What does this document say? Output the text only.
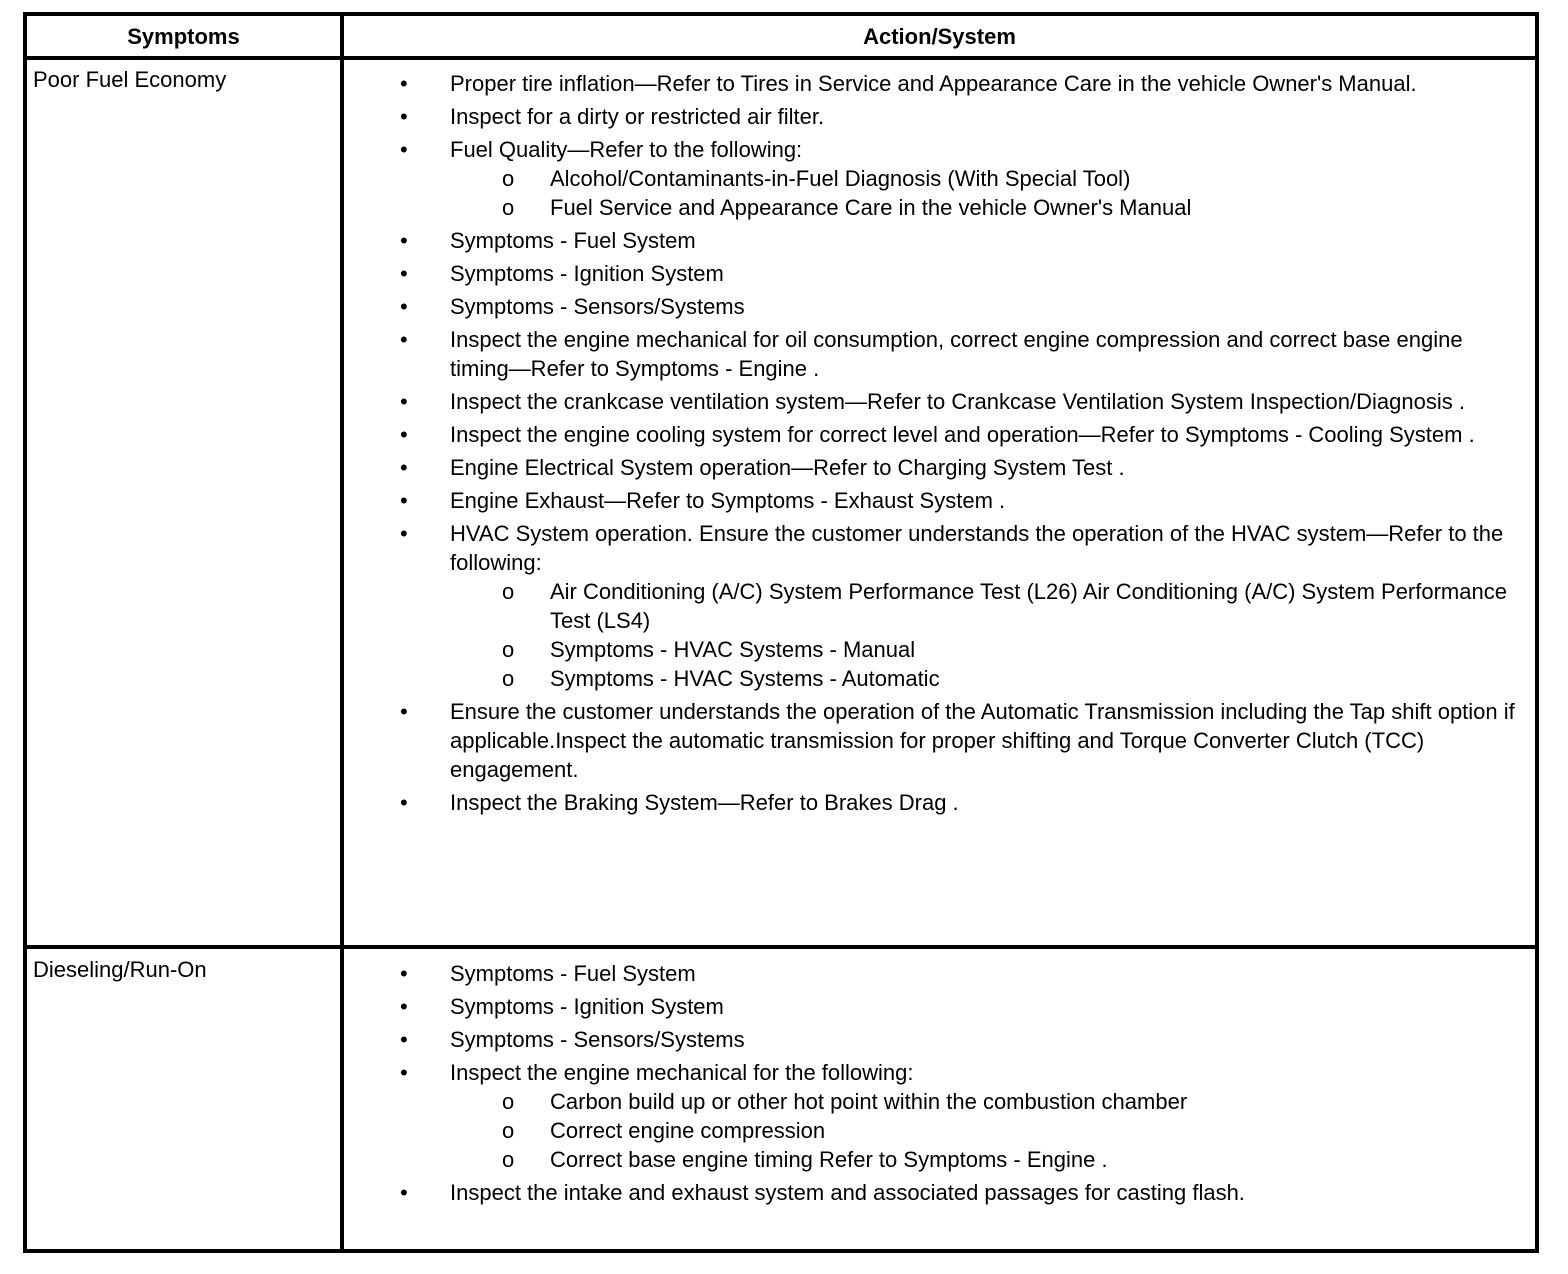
Symptoms	Action/System
Poor Fuel Economy	• Proper tire inflation—Refer to Tires in Service and Appearance Care in the vehicle Owner's Manual.
• Inspect for a dirty or restricted air filter.
• Fuel Quality—Refer to the following:
o Alcohol/Contaminants-in-Fuel Diagnosis (With Special Tool)
o Fuel Service and Appearance Care in the vehicle Owner's Manual
• Symptoms - Fuel System
• Symptoms - Ignition System
• Symptoms - Sensors/Systems
• Inspect the engine mechanical for oil consumption, correct engine compression and correct base engine timing—Refer to Symptoms - Engine .
• Inspect the crankcase ventilation system—Refer to Crankcase Ventilation System Inspection/Diagnosis .
• Inspect the engine cooling system for correct level and operation—Refer to Symptoms - Cooling System .
• Engine Electrical System operation—Refer to Charging System Test .
• Engine Exhaust—Refer to Symptoms - Exhaust System .
• HVAC System operation. Ensure the customer understands the operation of the HVAC system—Refer to the following:
o Air Conditioning (A/C) System Performance Test (L26) Air Conditioning (A/C) System Performance Test (LS4)
o Symptoms - HVAC Systems - Manual
o Symptoms - HVAC Systems - Automatic
• Ensure the customer understands the operation of the Automatic Transmission including the Tap shift option if applicable.Inspect the automatic transmission for proper shifting and Torque Converter Clutch (TCC) engagement.
• Inspect the Braking System—Refer to Brakes Drag .
Dieseling/Run-On	• Symptoms - Fuel System
• Symptoms - Ignition System
• Symptoms - Sensors/Systems
• Inspect the engine mechanical for the following:
o Carbon build up or other hot point within the combustion chamber
o Correct engine compression
o Correct base engine timing Refer to Symptoms - Engine .
• Inspect the intake and exhaust system and associated passages for casting flash.
